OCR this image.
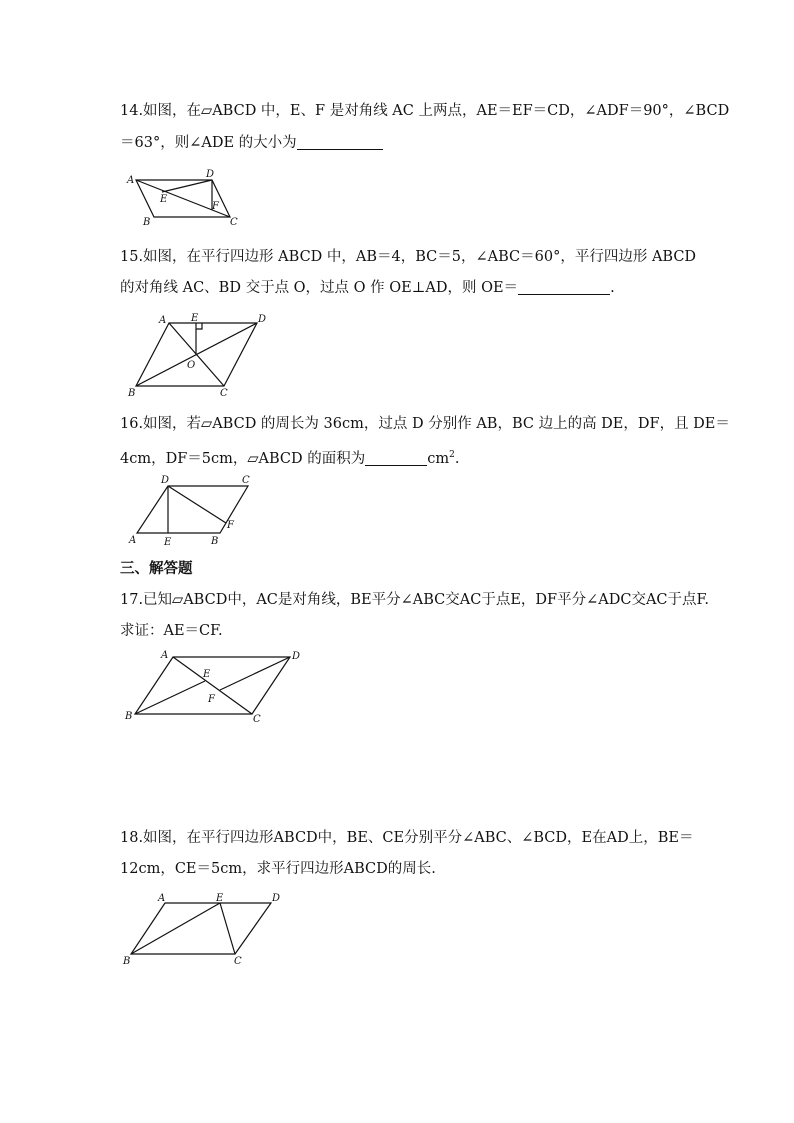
14.如图，在▱ABCD 中，E、F 是对角线 AC 上两点，AE＝EF＝CD，∠ADF＝90°，∠BCD

＝63°，则∠ADE 的大小为

A
D
E
F
B	C

15.如图，在平行四边形 ABCD 中，AB＝4，BC＝5，∠ABC＝60°，平行四边形 ABCD

的对角线 AC、BD 交于点 O，过点 O 作 OE⊥AD，则 OE＝	.

A E	D
O
B	C

16.如图，若▱ABCD 的周长为 36cm，过点 D 分别作 AB，BC 边上的高 DE，DF，且 DE＝

4cm，DF＝5cm，▱ABCD 的面积为	$cm^2$.

D	C
F
A	E	B

三、解答题

17.已知▱ABCD中，AC是对角线，BE平分∠ABC交AC于点E，DF平分∠ADC交AC于点F.

求证：AE＝CF.

A	D
E
F
B	C

18.如图，在平行四边形ABCD中，BE、CE分别平分∠ABC、∠BCD，E在AD上，BE＝

12cm，CE＝5cm，求平行四边形ABCD的周长.

A	E	D
B	C
